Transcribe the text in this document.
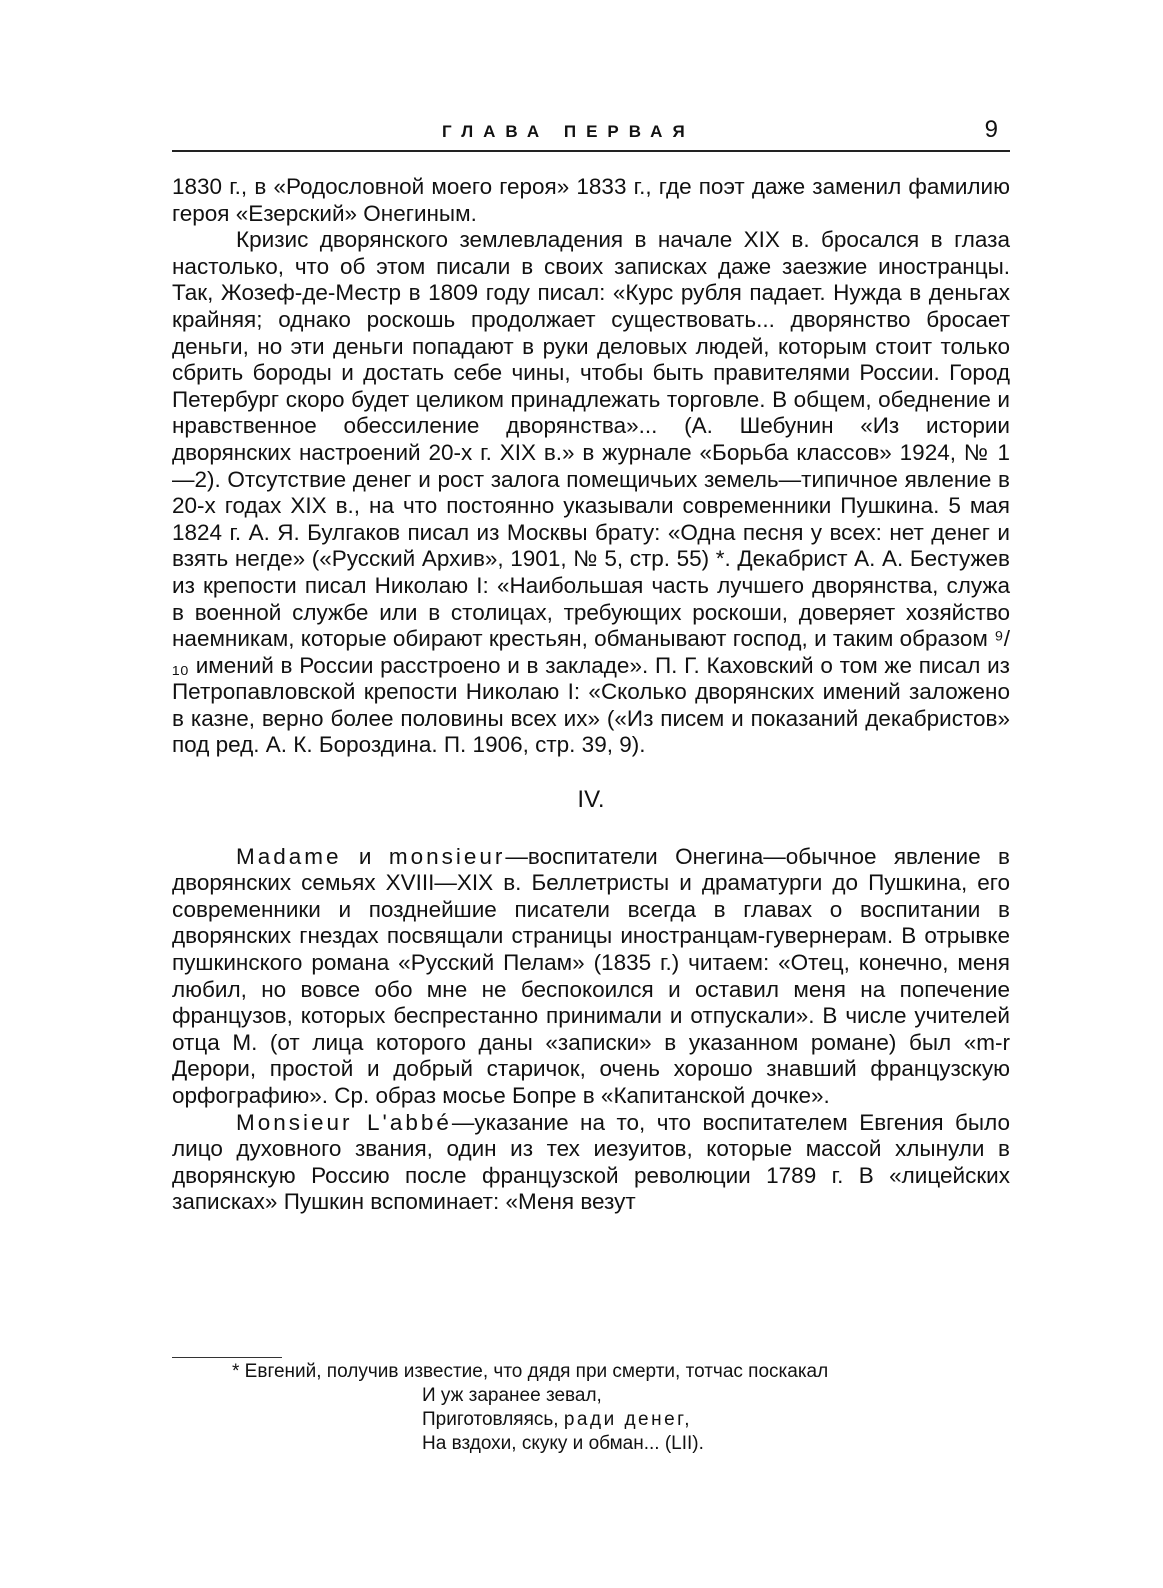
ГЛАВА ПЕРВАЯ	9

1830 г., в «Родословной моего героя» 1833 г., где поэт даже заменил фамилию героя «Езерский» Онегиным.

Кризис дворянского землевладения в начале XIX в. бросался в глаза настолько, что об этом писали в своих записках даже заезжие иностранцы. Так, Жозеф-де-Местр в 1809 году писал: «Курс рубля падает. Нужда в деньгах крайняя; однако роскошь продолжает существовать... дворянство бросает деньги, но эти деньги попадают в руки деловых людей, которым стоит только сбрить бороды и достать себе чины, чтобы быть правителями России. Город Петербург скоро будет целиком принадлежать торговле. В общем, обеднение и нравственное обессиление дворянства»... (А. Шебунин «Из истории дворянских настроений 20-х г. XIX в.» в журнале «Борьба классов» 1924, № 1—2). Отсутствие денег и рост залога помещичьих земель—типичное явление в 20-х годах XIX в., на что постоянно указывали современники Пушкина. 5 мая 1824 г. А. Я. Булгаков писал из Москвы брату: «Одна песня у всех: нет денег и взять негде» («Русский Архив», 1901, № 5, стр. 55) *. Декабрист А. А. Бестужев из крепости писал Николаю I: «Наибольшая часть лучшего дворянства, служа в военной службе или в столицах, требующих роскоши, доверяет хозяйство наемникам, которые обирают крестьян, обманывают господ, и таким образом ⁹/₁₀ имений в России расстроено и в закладе». П. Г. Каховский о том же писал из Петропавловской крепости Николаю I: «Сколько дворянских имений заложено в казне, верно более половины всех их» («Из писем и показаний декабристов» под ред. А. К. Бороздина. П. 1906, стр. 39, 9).

IV.

Madame и monsieur—воспитатели Онегина—обычное явление в дворянских семьях XVIII—XIX в. Беллетристы и драматурги до Пушкина, его современники и позднейшие писатели всегда в главах о воспитании в дворянских гнездах посвящали страницы иностранцам-гувернерам. В отрывке пушкинского романа «Русский Пелам» (1835 г.) читаем: «Отец, конечно, меня любил, но вовсе обо мне не беспокоился и оставил меня на попечение французов, которых беспрестанно принимали и отпускали». В числе учителей отца М. (от лица которого даны «записки» в указанном романе) был «m-r Дерори, простой и добрый старичок, очень хорошо знавший французскую орфографию». Ср. образ мосье Бопре в «Капитанской дочке».

Monsieur L'abbé—указание на то, что воспитателем Евгения было лицо духовного звания, один из тех иезуитов, которые массой хлынули в дворянскую Россию после французской революции 1789 г. В «лицейских записках» Пушкин вспоминает: «Меня везут

* Евгений, получив известие, что дядя при смерти, тотчас поскакал
И уж заранее зевал,
Приготовляясь, ради денег,
На вздохи, скуку и обман... (LII).
